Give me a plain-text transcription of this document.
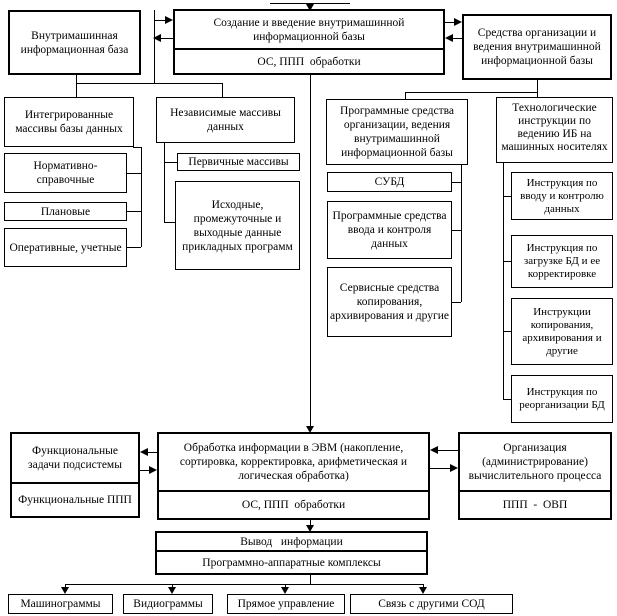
Внутримашинная информационная база
Создание и введение внутримашинной информационной базы
ОС, ППП  обработки
Средства организации и ведения внутримашинной информационной базы
Интегрированные массивы базы данных
Нормативно-справочные
Плановые
Оперативные, учетные
Независимые массивы данных
Первичные массивы
Исходные, промежуточные и выходные данные прикладных программ
Программные средства организации, ведения внутримашинной информационной базы
СУБД
Программные средства ввода и контроля данных
Сервисные средства копирования, архивирования и другие
Технологические инструкции по ведению ИБ на машинных носителях
Инструкция по вводу и контролю данных
Инструкция по загрузке БД и ее корректировке
Инструкции копирования, архивирования и другие
Инструкция по реорганизации БД
Функциональные задачи подсистемы
Функциональные ППП
Обработка информации в ЭВМ (накопление, сортировка, корректировка, арифметическая и логическая обработка)
ОС, ППП  обработки
Организация (администрирование) вычислительного процесса
ППП  -  ОВП
Вывод   информации
Программно-аппаратные комплексы
Машинограммы	Видиограммы	Прямое управление	Связь с другими СОД
